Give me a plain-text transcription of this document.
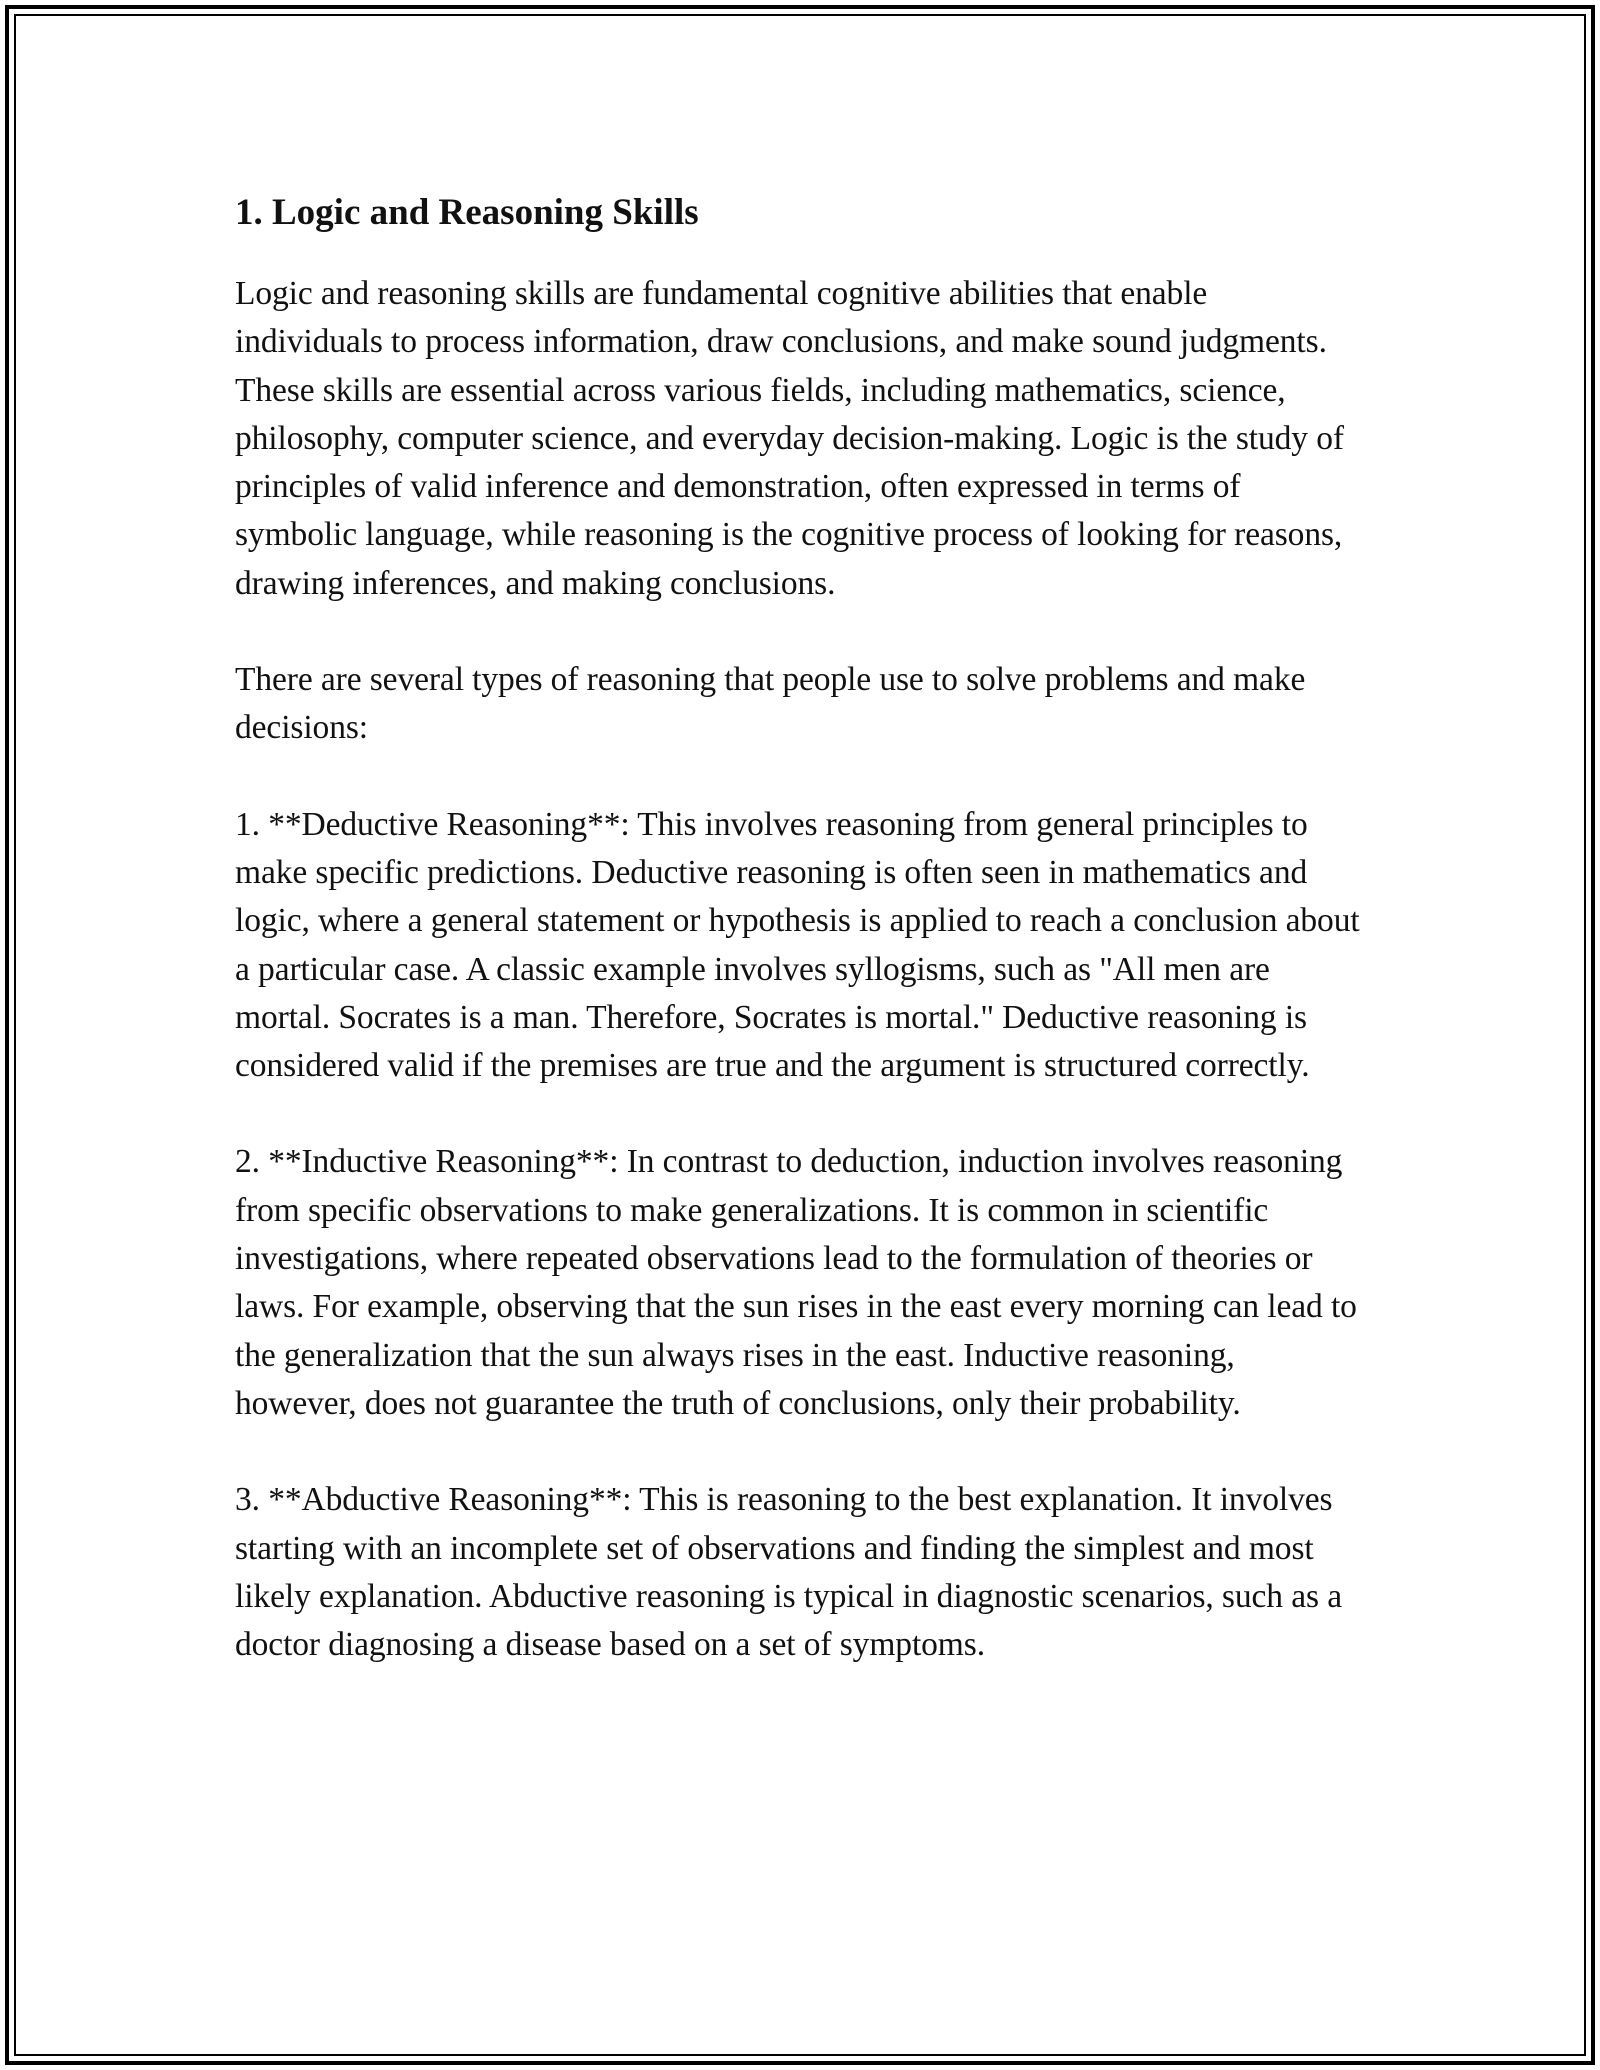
1. Logic and Reasoning Skills

Logic and reasoning skills are fundamental cognitive abilities that enable individuals to process information, draw conclusions, and make sound judgments. These skills are essential across various fields, including mathematics, science, philosophy, computer science, and everyday decision-making. Logic is the study of principles of valid inference and demonstration, often expressed in terms of symbolic language, while reasoning is the cognitive process of looking for reasons, drawing inferences, and making conclusions.

There are several types of reasoning that people use to solve problems and make decisions:

1. **Deductive Reasoning**: This involves reasoning from general principles to make specific predictions. Deductive reasoning is often seen in mathematics and logic, where a general statement or hypothesis is applied to reach a conclusion about a particular case. A classic example involves syllogisms, such as "All men are mortal. Socrates is a man. Therefore, Socrates is mortal." Deductive reasoning is considered valid if the premises are true and the argument is structured correctly.

2. **Inductive Reasoning**: In contrast to deduction, induction involves reasoning from specific observations to make generalizations. It is common in scientific investigations, where repeated observations lead to the formulation of theories or laws. For example, observing that the sun rises in the east every morning can lead to the generalization that the sun always rises in the east. Inductive reasoning, however, does not guarantee the truth of conclusions, only their probability.

3. **Abductive Reasoning**: This is reasoning to the best explanation. It involves starting with an incomplete set of observations and finding the simplest and most likely explanation. Abductive reasoning is typical in diagnostic scenarios, such as a doctor diagnosing a disease based on a set of symptoms.
